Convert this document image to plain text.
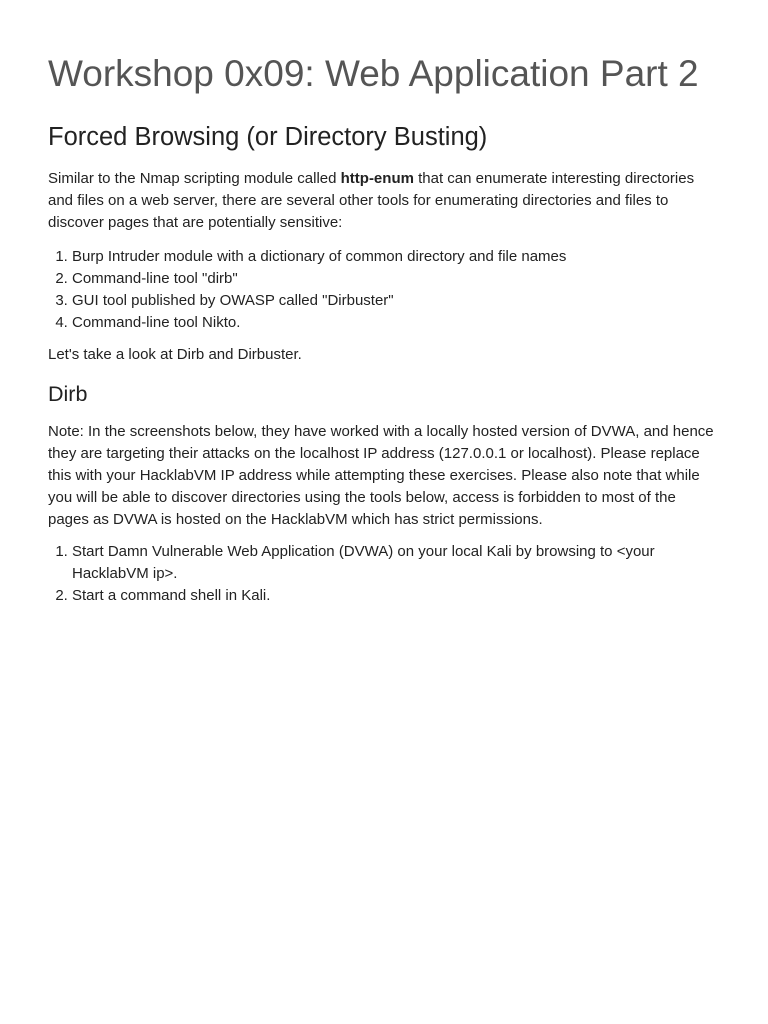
Workshop 0x09: Web Application Part 2
Forced Browsing (or Directory Busting)

Similar to the Nmap scripting module called http-enum that can enumerate interesting directories and files on a web server, there are several other tools for enumerating directories and files to discover pages that are potentially sensitive:

1. Burp Intruder module with a dictionary of common directory and file names
2. Command-line tool "dirb"
3. GUI tool published by OWASP called "Dirbuster"
4. Command-line tool Nikto.

Let's take a look at Dirb and Dirbuster.

Dirb

Note: In the screenshots below, they have worked with a locally hosted version of DVWA, and hence they are targeting their attacks on the localhost IP address (127.0.0.1 or localhost). Please replace this with your HacklabVM IP address while attempting these exercises. Please also note that while you will be able to discover directories using the tools below, access is forbidden to most of the pages as DVWA is hosted on the HacklabVM which has strict permissions.

1. Start Damn Vulnerable Web Application (DVWA) on your local Kali by browsing to <your HacklabVM ip>.
2. Start a command shell in Kali.
